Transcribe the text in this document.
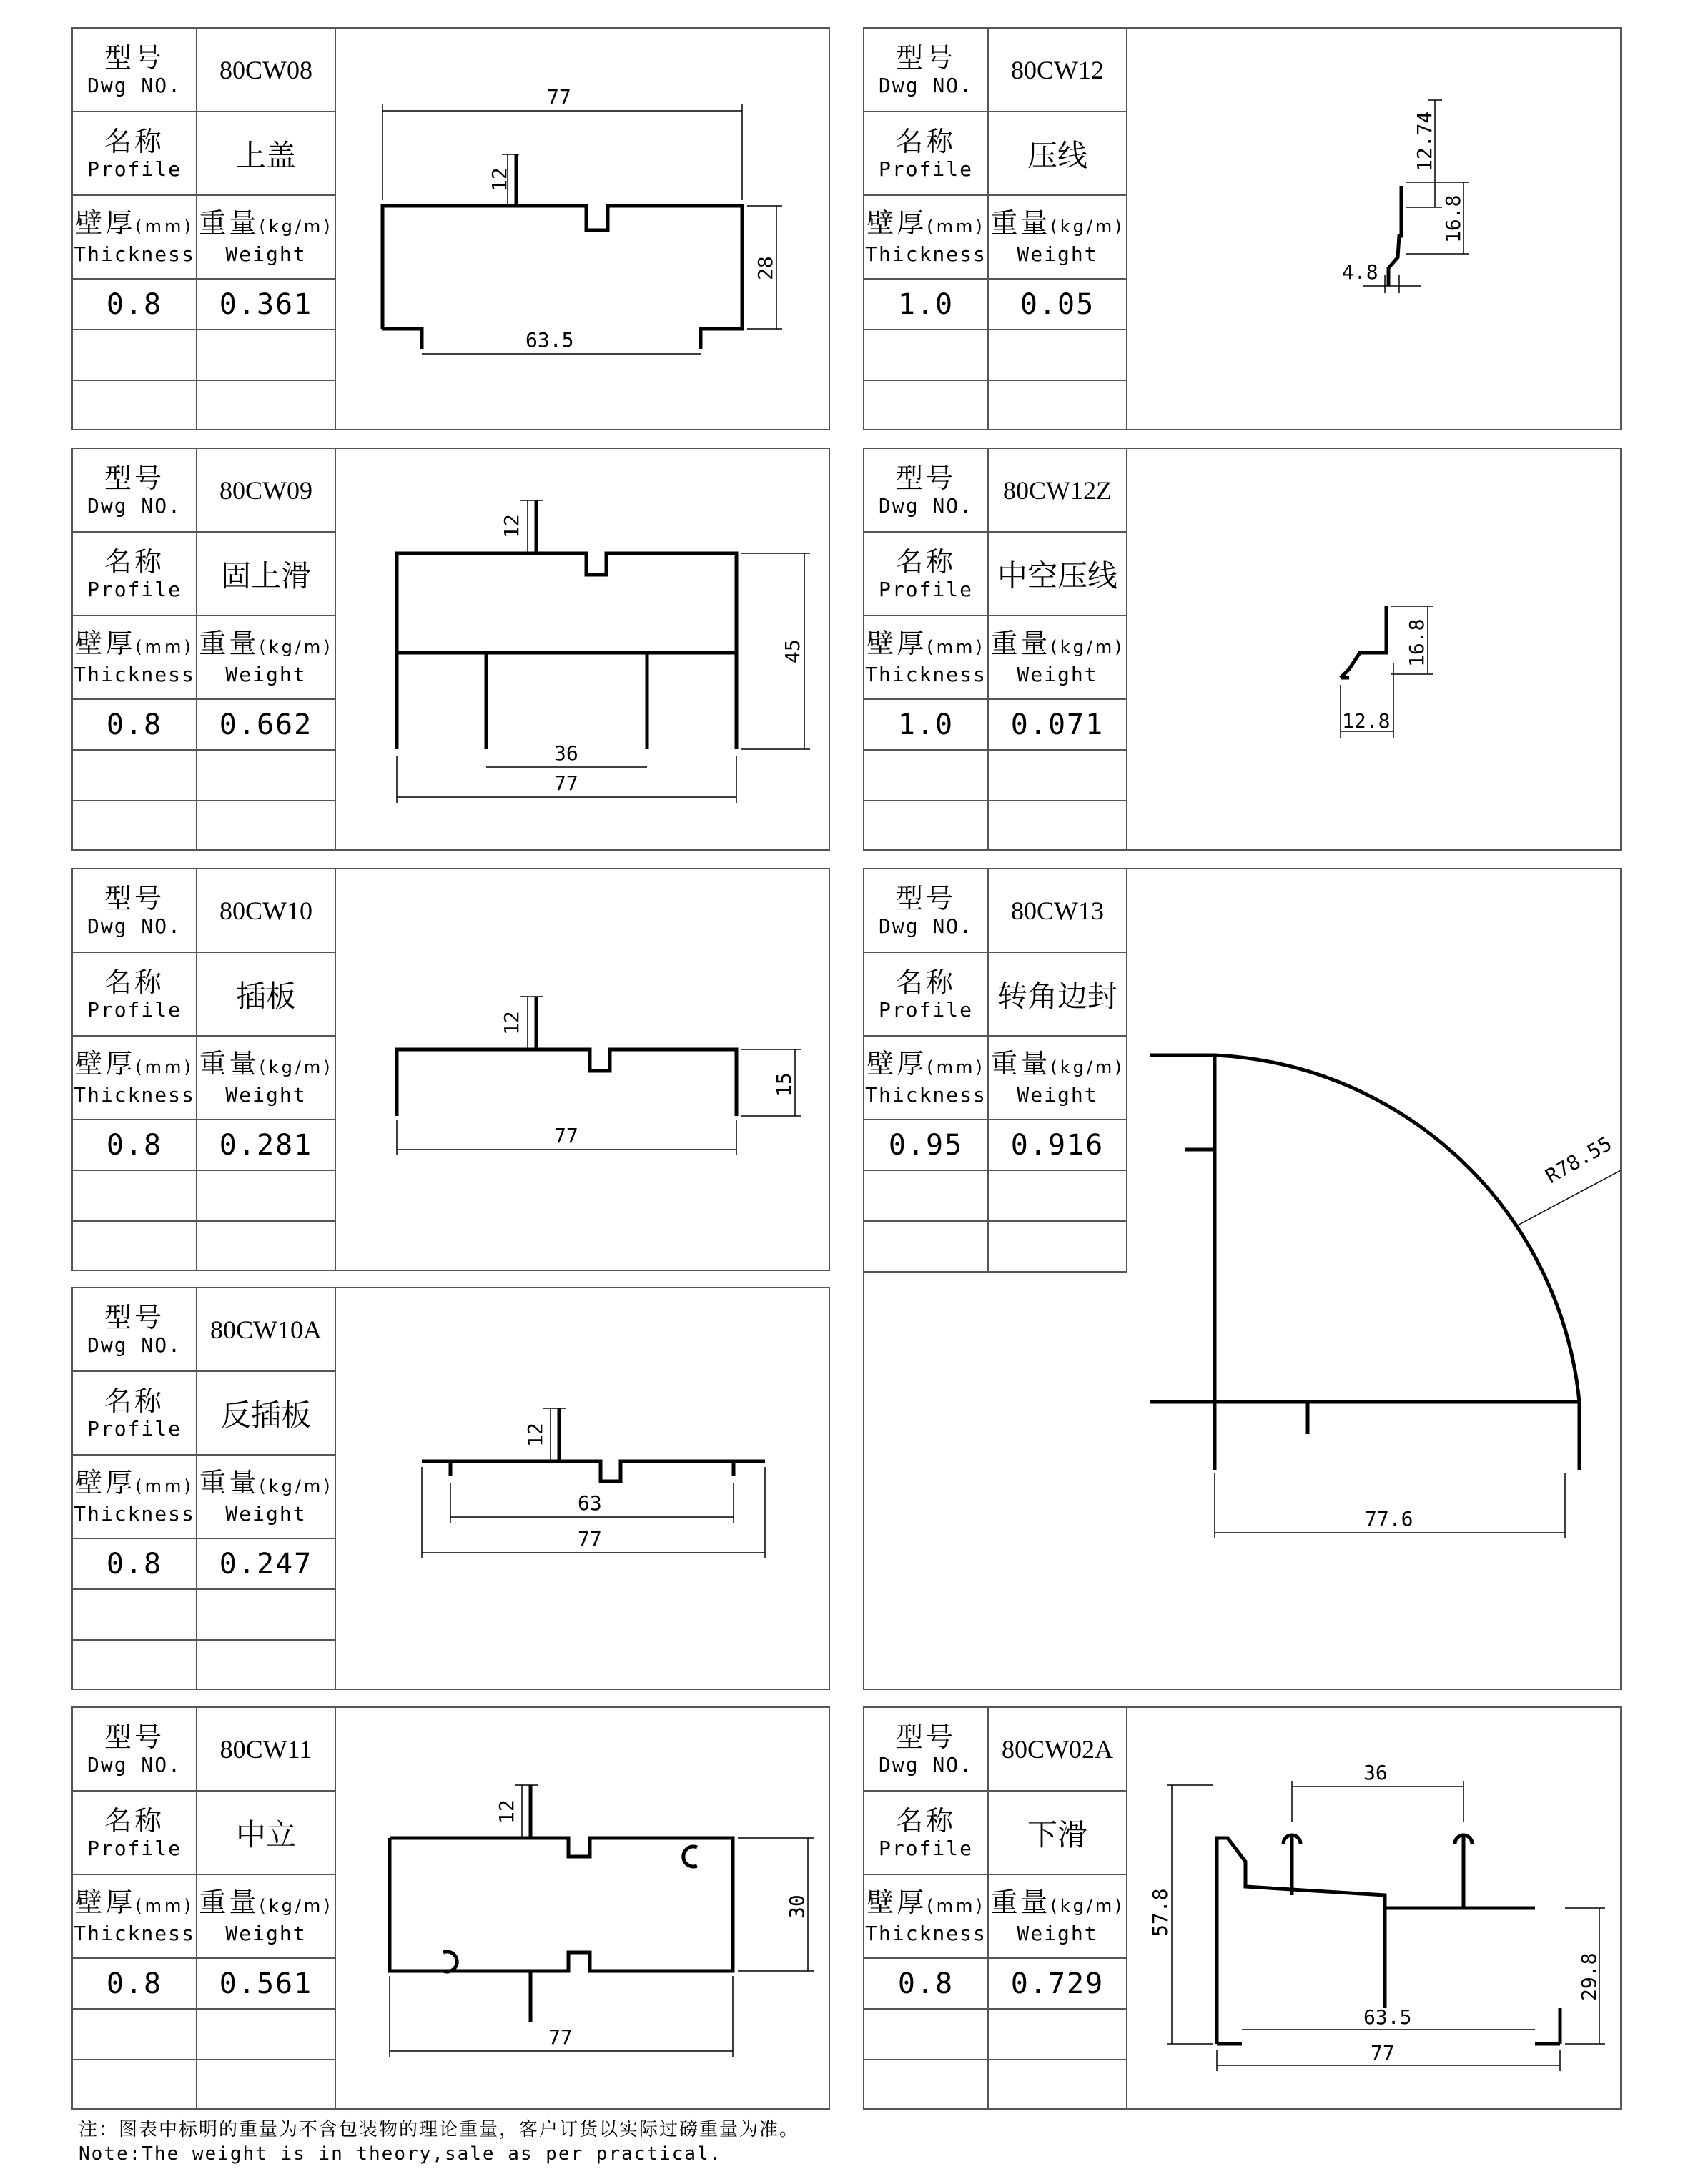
型号
Dwg NO.
80CW08
名称
Profile 上盖
壁厚(mm)
Thickness
重量(kg/m)
Weight
0.8 0.361
77
12
28
63.5
型号
Dwg NO.
80CW12
名称
Profile 压线
壁厚(mm)
Thickness
重量(kg/m)
Weight
1.0 0.05
12.74
16.8
4.8
型号
Dwg NO.
80CW09
名称
Profile 固上滑
壁厚(mm)
Thickness
重量(kg/m)
Weight
0.8 0.662
12
45
36
77
型号
Dwg NO.
80CW12Z
名称
Profile 中空压线
壁厚(mm)
Thickness
重量(kg/m)
Weight
1.0 0.071
16.8
12.8
型号
Dwg NO.
80CW10
名称
Profile 插板
壁厚(mm)
Thickness
重量(kg/m)
Weight
0.8 0.281
12
15
77
型号
Dwg NO.
80CW13
名称
Profile 转角边封
壁厚(mm)
Thickness
重量(kg/m)
Weight
0.95 0.916	R78.55
77.6
型号
Dwg NO.
80CW10A
名称
Profile 反插板
壁厚(mm)
Thickness
重量(kg/m)
Weight
0.8 0.247
12
63
77
型号
Dwg NO.
80CW11
名称
Profile 中立
壁厚(mm)
Thickness
重量(kg/m)
Weight
0.8 0.561
12
30
77
型号
Dwg NO.
80CW02A
名称
Profile 下滑
壁厚(mm)
Thickness
重量(kg/m)
Weight
0.8 0.729
36
57.8
29.8
63.5
77
注：图表中标明的重量为不含包装物的理论重量，客户订货以实际过磅重量为准。
Note:The weight is in theory,sale as per practical.
